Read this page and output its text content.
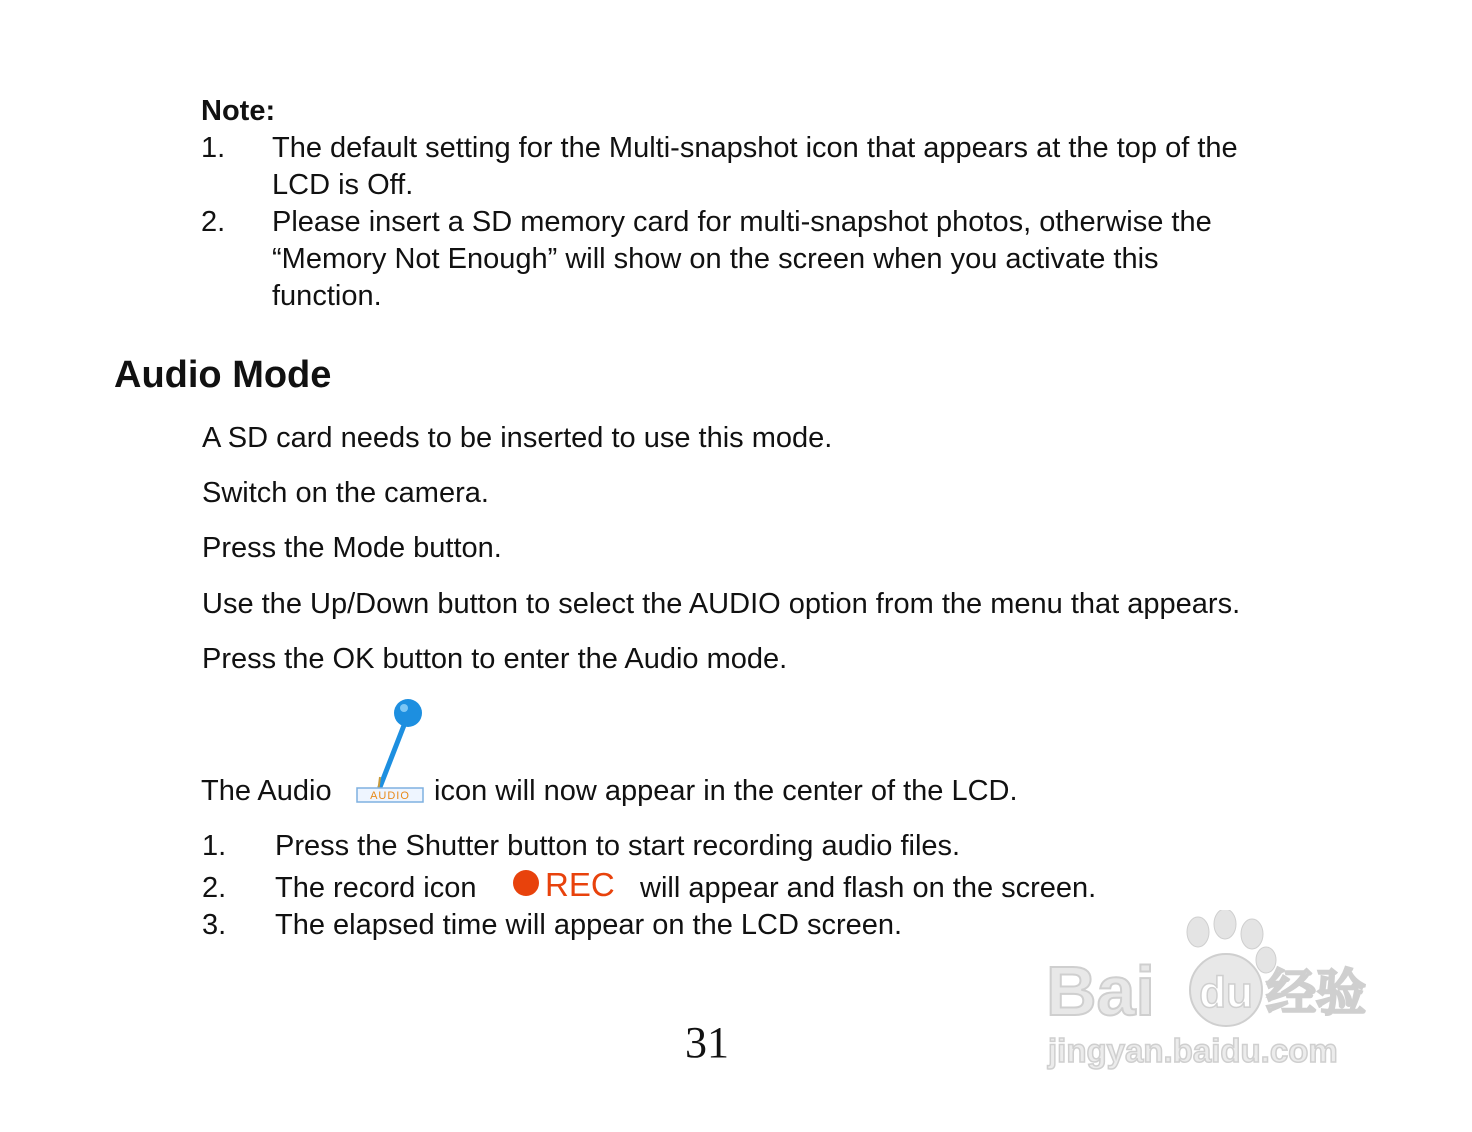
Note:
1. The default setting for the Multi-snapshot icon that appears at the top of the
LCD is Off.
2. Please insert a SD memory card for multi-snapshot photos, otherwise the
“Memory Not Enough” will show on the screen when you activate this
function.
Audio Mode
A SD card needs to be inserted to use this mode.
Switch on the camera.
Press the Mode button.
Use the Up/Down button to select the AUDIO option from the menu that appears.
Press the OK button to enter the Audio mode.
The Audio	AUDIO icon will now appear in the center of the LCD.
1. Press the Shutter button to start recording audio files.
2. The record icon REC will appear and flash on the screen.
3. The elapsed time will appear on the LCD screen.
31
Bai du 经验
jingyan.baidu.com
